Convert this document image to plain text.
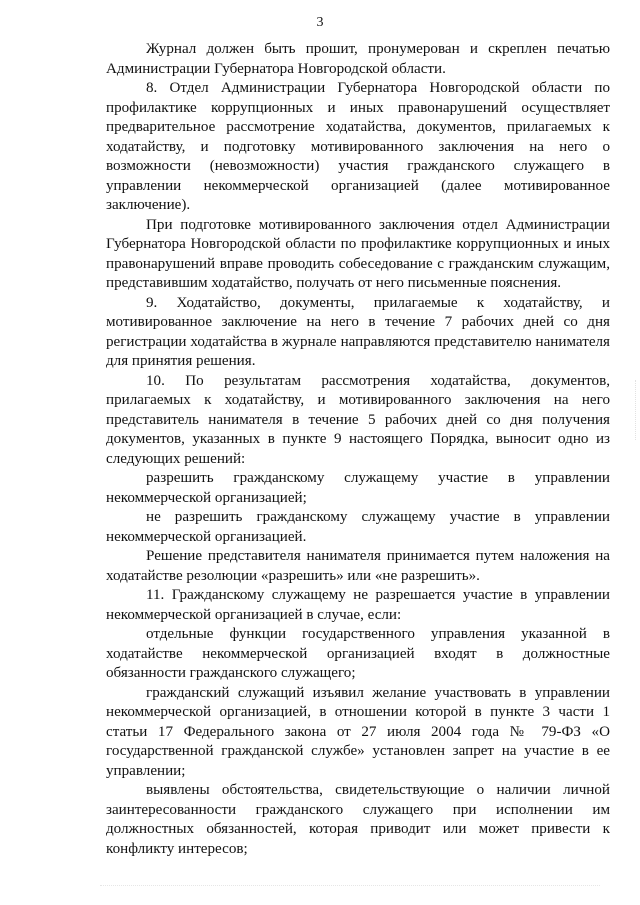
3

Журнал должен быть прошит, пронумерован и скреплен печатью Администрации Губернатора Новгородской области.

8. Отдел Администрации Губернатора Новгородской области по профилактике коррупционных и иных правонарушений осуществляет предварительное рассмотрение ходатайства, документов, прилагаемых к ходатайству, и подготовку мотивированного заключения на него о возможности (невозможности) участия гражданского служащего в управлении некоммерческой организацией (далее мотивированное заключение).

При подготовке мотивированного заключения отдел Администрации Губернатора Новгородской области по профилактике коррупционных и иных правонарушений вправе проводить собеседование с гражданским служащим, представившим ходатайство, получать от него письменные пояснения.

9. Ходатайство, документы, прилагаемые к ходатайству, и мотивированное заключение на него в течение 7 рабочих дней со дня регистрации ходатайства в журнале направляются представителю нанимателя для принятия решения.

10. По результатам рассмотрения ходатайства, документов, прилагаемых к ходатайству, и мотивированного заключения на него представитель нанимателя в течение 5 рабочих дней со дня получения документов, указанных в пункте 9 настоящего Порядка, выносит одно из следующих решений:

разрешить гражданскому служащему участие в управлении некоммерческой организацией;

не разрешить гражданскому служащему участие в управлении некоммерческой организацией.

Решение представителя нанимателя принимается путем наложения на ходатайстве резолюции «разрешить» или «не разрешить».

11. Гражданскому служащему не разрешается участие в управлении некоммерческой организацией в случае, если:

отдельные функции государственного управления указанной в ходатайстве некоммерческой организацией входят в должностные обязанности гражданского служащего;

гражданский служащий изъявил желание участвовать в управлении некоммерческой организацией, в отношении которой в пункте 3 части 1 статьи 17 Федерального закона от 27 июля 2004 года № 79-ФЗ «О государственной гражданской службе» установлен запрет на участие в ее управлении;

выявлены обстоятельства, свидетельствующие о наличии личной заинтересованности гражданского служащего при исполнении им должностных обязанностей, которая приводит или может привести к конфликту интересов;
